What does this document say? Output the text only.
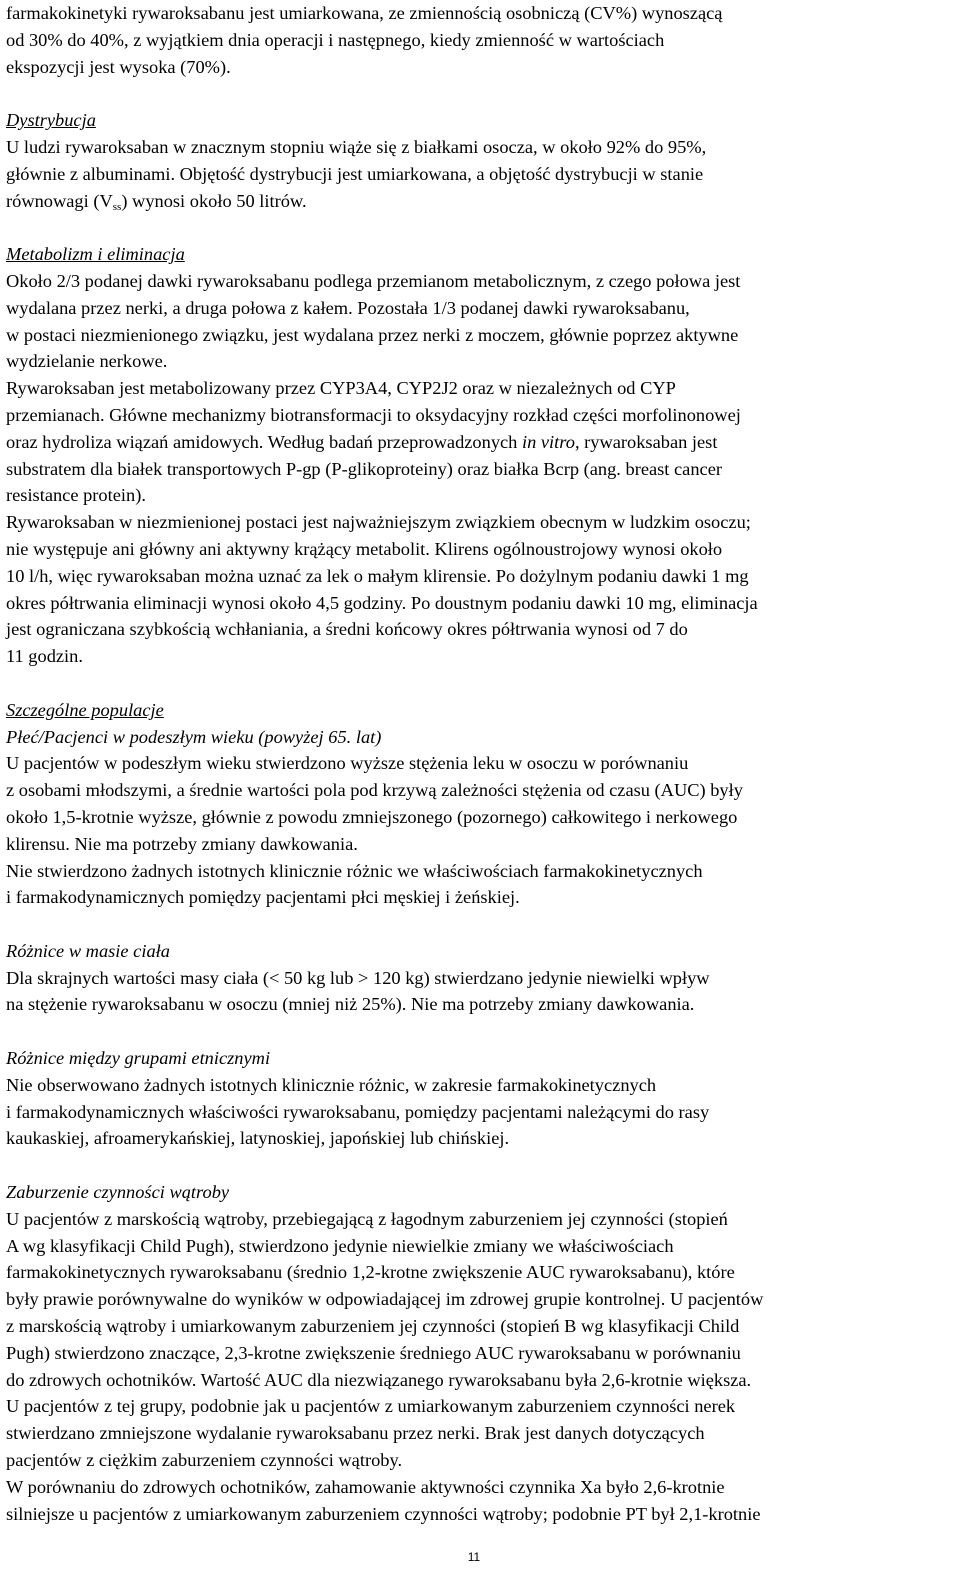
farmakokinetyki rywaroksabanu jest umiarkowana, ze zmiennością osobniczą (CV%) wynoszącą
od 30% do 40%, z wyjątkiem dnia operacji i następnego, kiedy zmienność w wartościach
ekspozycji jest wysoka (70%).
Dystrybucja
U ludzi rywaroksaban w znacznym stopniu wiąże się z białkami osocza, w około 92% do 95%,
głównie z albuminami. Objętość dystrybucji jest umiarkowana, a objętość dystrybucji w stanie
równowagi $(V_{ss})$ wynosi około 50 litrów.
Metabolizm i eliminacja
Około 2/3 podanej dawki rywaroksabanu podlega przemianom metabolicznym, z czego połowa jest
wydalana przez nerki, a druga połowa z kałem. Pozostała 1/3 podanej dawki rywaroksabanu,
w postaci niezmienionego związku, jest wydalana przez nerki z moczem, głównie poprzez aktywne
wydzielanie nerkowe.
Rywaroksaban jest metabolizowany przez CYP3A4, CYP2J2 oraz w niezależnych od CYP
przemianach. Główne mechanizmy biotransformacji to oksydacyjny rozkład części morfolinonowej
oraz hydroliza wiązań amidowych. Według badań przeprowadzonych in vitro, rywaroksaban jest
substratem dla białek transportowych P-gp (P-glikoproteiny) oraz białka Bcrp (ang. breast cancer
resistance protein).
Rywaroksaban w niezmienionej postaci jest najważniejszym związkiem obecnym w ludzkim osoczu;
nie występuje ani główny ani aktywny krążący metabolit. Klirens ogólnoustrojowy wynosi około
10 l/h, więc rywaroksaban można uznać za lek o małym klirensie. Po dożylnym podaniu dawki 1 mg
okres półtrwania eliminacji wynosi około 4,5 godziny. Po doustnym podaniu dawki 10 mg, eliminacja
jest ograniczana szybkością wchłaniania, a średni końcowy okres półtrwania wynosi od 7 do
11 godzin.
Szczególne populacje
Płeć/Pacjenci w podeszłym wieku (powyżej 65. lat)
U pacjentów w podeszłym wieku stwierdzono wyższe stężenia leku w osoczu w porównaniu
z osobami młodszymi, a średnie wartości pola pod krzywą zależności stężenia od czasu (AUC) były
około 1,5-krotnie wyższe, głównie z powodu zmniejszonego (pozornego) całkowitego i nerkowego
klirensu. Nie ma potrzeby zmiany dawkowania.
Nie stwierdzono żadnych istotnych klinicznie różnic we właściwościach farmakokinetycznych
i farmakodynamicznych pomiędzy pacjentami płci męskiej i żeńskiej.
Różnice w masie ciała
Dla skrajnych wartości masy ciała (< 50 kg lub > 120 kg) stwierdzano jedynie niewielki wpływ
na stężenie rywaroksabanu w osoczu (mniej niż 25%). Nie ma potrzeby zmiany dawkowania.
Różnice między grupami etnicznymi
Nie obserwowano żadnych istotnych klinicznie różnic, w zakresie farmakokinetycznych
i farmakodynamicznych właściwości rywaroksabanu, pomiędzy pacjentami należącymi do rasy
kaukaskiej, afroamerykańskiej, latynoskiej, japońskiej lub chińskiej.
Zaburzenie czynności wątroby
U pacjentów z marskością wątroby, przebiegającą z łagodnym zaburzeniem jej czynności (stopień
A wg klasyfikacji Child Pugh), stwierdzono jedynie niewielkie zmiany we właściwościach
farmakokinetycznych rywaroksabanu (średnio 1,2-krotne zwiększenie AUC rywaroksabanu), które
były prawie porównywalne do wyników w odpowiadającej im zdrowej grupie kontrolnej. U pacjentów
z marskością wątroby i umiarkowanym zaburzeniem jej czynności (stopień B wg klasyfikacji Child
Pugh) stwierdzono znaczące, 2,3-krotne zwiększenie średniego AUC rywaroksabanu w porównaniu
do zdrowych ochotników. Wartość AUC dla niezwiązanego rywaroksabanu była 2,6-krotnie większa.
U pacjentów z tej grupy, podobnie jak u pacjentów z umiarkowanym zaburzeniem czynności nerek
stwierdzano zmniejszone wydalanie rywaroksabanu przez nerki. Brak jest danych dotyczących
pacjentów z ciężkim zaburzeniem czynności wątroby.
W porównaniu do zdrowych ochotników, zahamowanie aktywności czynnika Xa było 2,6-krotnie
silniejsze u pacjentów z umiarkowanym zaburzeniem czynności wątroby; podobnie PT był 2,1-krotnie
11
